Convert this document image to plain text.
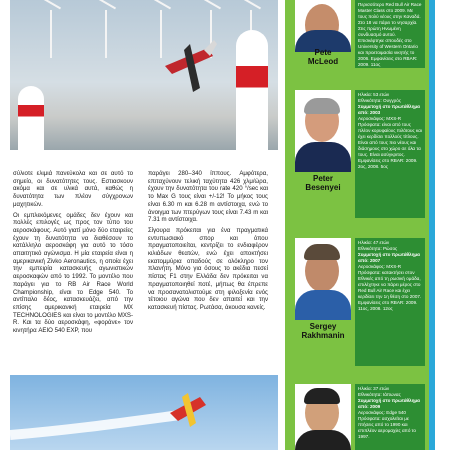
Pete
McLeod
Περισσότερο Red Bull Air Race Master Class στο 2009. Με τους πολύ νέους στην Καναδά. Στο 18 να πάρει το νησαρχία. Στις πρώτη Ηνωμένη συνδυασμό αυτού. Επισκέφτηκε σπουδές στο University of Western Ontario και προετοιμασία νικητής το 2006. Εμφανίσεις στο RBAR: 2009. 11ος
Peter
Besenyei
Ηλικία: 53 ετών
Εθνικότητα: Ουγγρός
Συμμετοχή στο πρωτάθλημα από: 2003
Αεροσκάφος: MXS-R
Πρόσφατα: είναι από τους πλέον κορυφαίους πιλότους και έχει κερδίσει πολλούς τίτλους. Είναι από τους πιο νέους και διάσημους στο χώρο σε όλα τα τους. Είναι ασύγκριτος.
Εμφανίσεις στο RBAR: 2009. 2ος, 2008. 5ος
Sergey
Rakhmanin
Ηλικία: 47 ετών
Εθνικότητα: Ρώσος
Συμμετοχή στο πρωτάθλημα από: 2007
Αεροσκάφος: MXS-R
Πρόσφατα: κατακτήσει στον Εθνικές από τη ρωσική ομάδα, επιλέχτηκε να πάρει μέρος στο Red Bull Air Race και έχει κερδίσει την 1η θέση στο 2007.
Εμφανίσεις στο RBAR: 2009. 11ος, 2008. 12ος
Ηλικία: 37 ετών
Εθνικότητα: Ιάπωνας
Συμμετοχή στο πρωτάθλημα από: 2009
Αεροσκάφος: Edge 540
Πρόσφατα: ασχολείται με πτήσεις από το 1990 και επιπλέον αερομαχίες από το 1997.

σύλιοτε ελιμιά πανεύκολα και σε αυτό το σημείο, οι δυνατότητες τους. Εστιασκουν ακόμα και σε υλικά αυτά, καθώς η δυνατότητα των πλέον σύγχρονων μαχητικών.

Οι εμπλεκόμενες ομάδες δεν έχουν και πολλές επιλογές ως προς τον τύπο του αεροσκάφους. Αυτό γιατί μόνο δύο εταιρείες έχουν τη δυνατότητα να διαθέσουν το κατάλληλο αεροσκάφη για αυτό το τόσο απαιτητικό αγώνισμα. Η μία εταιρεία είναι η αμερικανική Zivko Aeronautics, η οποία έχει την εμπειρία κατασκευής αγωνιστικών αεροσκαφών από το 1992. Το μοντέλο που παράγει για το RB Air Race World Championship, είναι το Edge 540. Το αντίπαλο δέος, κατασκευάζει, από την επίσης αμερικανική εταιρεία MX TECHNOLOGIES και είναι το μοντέλο MXS-R. Και τα δύο αεροσκάφη, «φοράνε» τον κινητήρα AEIO 540 EXP, που

παράγει 280–340 ίππους. Αμφότερα, επιταχύνουν τελική ταχύτητα 426 χλμ/ώρα, έχουν την δυνατότητα του rate 420 °/sec και το Max G τους είναι +/-12! Το μήκος τους είναι 6.30 m και 6.28 m αντίστοιχα, ενώ το άνοιγμα των πτερύγων τους είναι 7.43 m και 7.31 m αντίστοιχα.

Σίγουρα πρόκειται για ένα πραγματικά εντυπωσιακό σπορ και όπου πραγματοποιείται, κεντρίζει το ενδιαφέρον κιλιάδων θεατών, ενώ έχει αποκτήσει εκατομμύρια οπαδούς σε ολόκληρο τον πλανήτη. Μόνο για όσους το ακέδια πεσεί πίστας F1 στην Ελλάδα δεν πρόκειται να πραγματοποιηθεί ποτέ, μήπως θα έπρεπε να προσανατολιστούμε στη φιλοξενία ενός τέτοιου αγώνα που δεν απαιτεί και την κατασκευή πίστας. Ρωτάσα, άκουσα κανείς.
